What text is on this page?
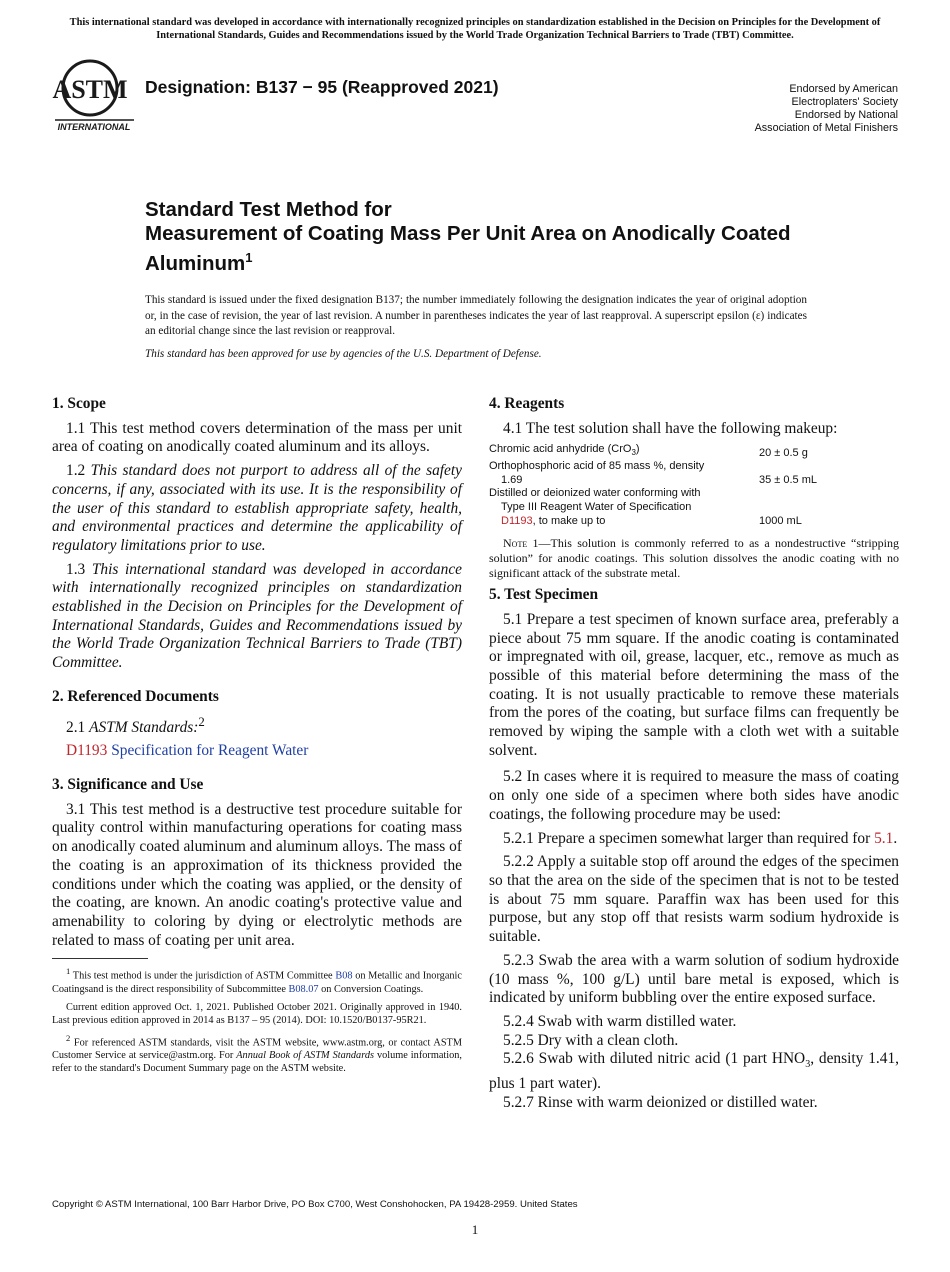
This international standard was developed in accordance with internationally recognized principles on standardization established in the Decision on Principles for the Development of International Standards, Guides and Recommendations issued by the World Trade Organization Technical Barriers to Trade (TBT) Committee.
ASTM
INTERNATIONAL
Designation: B137 − 95 (Reapproved 2021)	Endorsed by American
Electroplaters' Society
Endorsed by National
Association of Metal Finishers
Standard Test Method for
Measurement of Coating Mass Per Unit Area on Anodically Coated Aluminum$^1$
This standard is issued under the fixed designation B137; the number immediately following the designation indicates the year of original adoption or, in the case of revision, the year of last revision. A number in parentheses indicates the year of last reapproval. A superscript epsilon (ε) indicates an editorial change since the last revision or reapproval.
This standard has been approved for use by agencies of the U.S. Department of Defense.
1. Scope

1.1 This test method covers determination of the mass per unit area of coating on anodically coated aluminum and its alloys.

1.2 This standard does not purport to address all of the safety concerns, if any, associated with its use. It is the responsibility of the user of this standard to establish appropriate safety, health, and environmental practices and determine the applicability of regulatory limitations prior to use.

1.3 This international standard was developed in accordance with internationally recognized principles on standardization established in the Decision on Principles for the Development of International Standards, Guides and Recommendations issued by the World Trade Organization Technical Barriers to Trade (TBT) Committee.

2. Referenced Documents

2.1 ASTM Standards:$^2$

D1193 Specification for Reagent Water

3. Significance and Use

3.1 This test method is a destructive test procedure suitable for quality control within manufacturing operations for coating mass on anodically coated aluminum and aluminum alloys. The mass of the coating is an approximation of its thickness provided the conditions under which the coating was applied, or the density of the coating, are known. An anodic coating's protective value and amenability to coloring by dying or electrolytic methods are related to mass of coating per unit area.

$^1$ This test method is under the jurisdiction of ASTM Committee B08 on Metallic and Inorganic Coatingsand is the direct responsibility of Subcommittee B08.07 on Conversion Coatings.

Current edition approved Oct. 1, 2021. Published October 2021. Originally approved in 1940. Last previous edition approved in 2014 as B137 – 95 (2014). DOI: 10.1520/B0137-95R21.

$^2$ For referenced ASTM standards, visit the ASTM website, www.astm.org, or contact ASTM Customer Service at service@astm.org. For Annual Book of ASTM Standards volume information, refer to the standard's Document Summary page on the ASTM website.

4. Reagents

4.1 The test solution shall have the following makeup:

Chromic acid anhydride (CrO$_3$)	20 ± 0.5 g
Orthophosphoric acid of 85 mass %, density
1.69	35 ± 0.5 mL
Distilled or deionized water conforming with
Type III Reagent Water of Specification
D1193, to make up to	1000 mL

Note 1—This solution is commonly referred to as a nondestructive “stripping solution” for anodic coatings. This solution dissolves the anodic coating with no significant attack of the substrate metal.

5. Test Specimen

5.1 Prepare a test specimen of known surface area, preferably a piece about 75 mm square. If the anodic coating is contaminated or impregnated with oil, grease, lacquer, etc., remove as much as possible of this material before determining the mass of the coating. It is not usually practicable to remove these materials from the pores of the coating, but surface films can frequently be removed by wiping the sample with a cloth wet with a suitable solvent.

5.2 In cases where it is required to measure the mass of coating on only one side of a specimen where both sides have anodic coatings, the following procedure may be used:

5.2.1 Prepare a specimen somewhat larger than required for 5.1.

5.2.2 Apply a suitable stop off around the edges of the specimen so that the area on the side of the specimen that is not to be tested is about 75 mm square. Paraffin wax has been used for this purpose, but any stop off that resists warm sodium hydroxide is suitable.

5.2.3 Swab the area with a warm solution of sodium hydroxide (10 mass %, 100 g/L) until bare metal is exposed, which is indicated by uniform bubbling over the entire exposed surface.

5.2.4 Swab with warm distilled water.

5.2.5 Dry with a clean cloth.

5.2.6 Swab with diluted nitric acid (1 part $HNO_3$, density 1.41, plus 1 part water).

5.2.7 Rinse with warm deionized or distilled water.

Copyright © ASTM International, 100 Barr Harbor Drive, PO Box C700, West Conshohocken, PA 19428-2959. United States
1
